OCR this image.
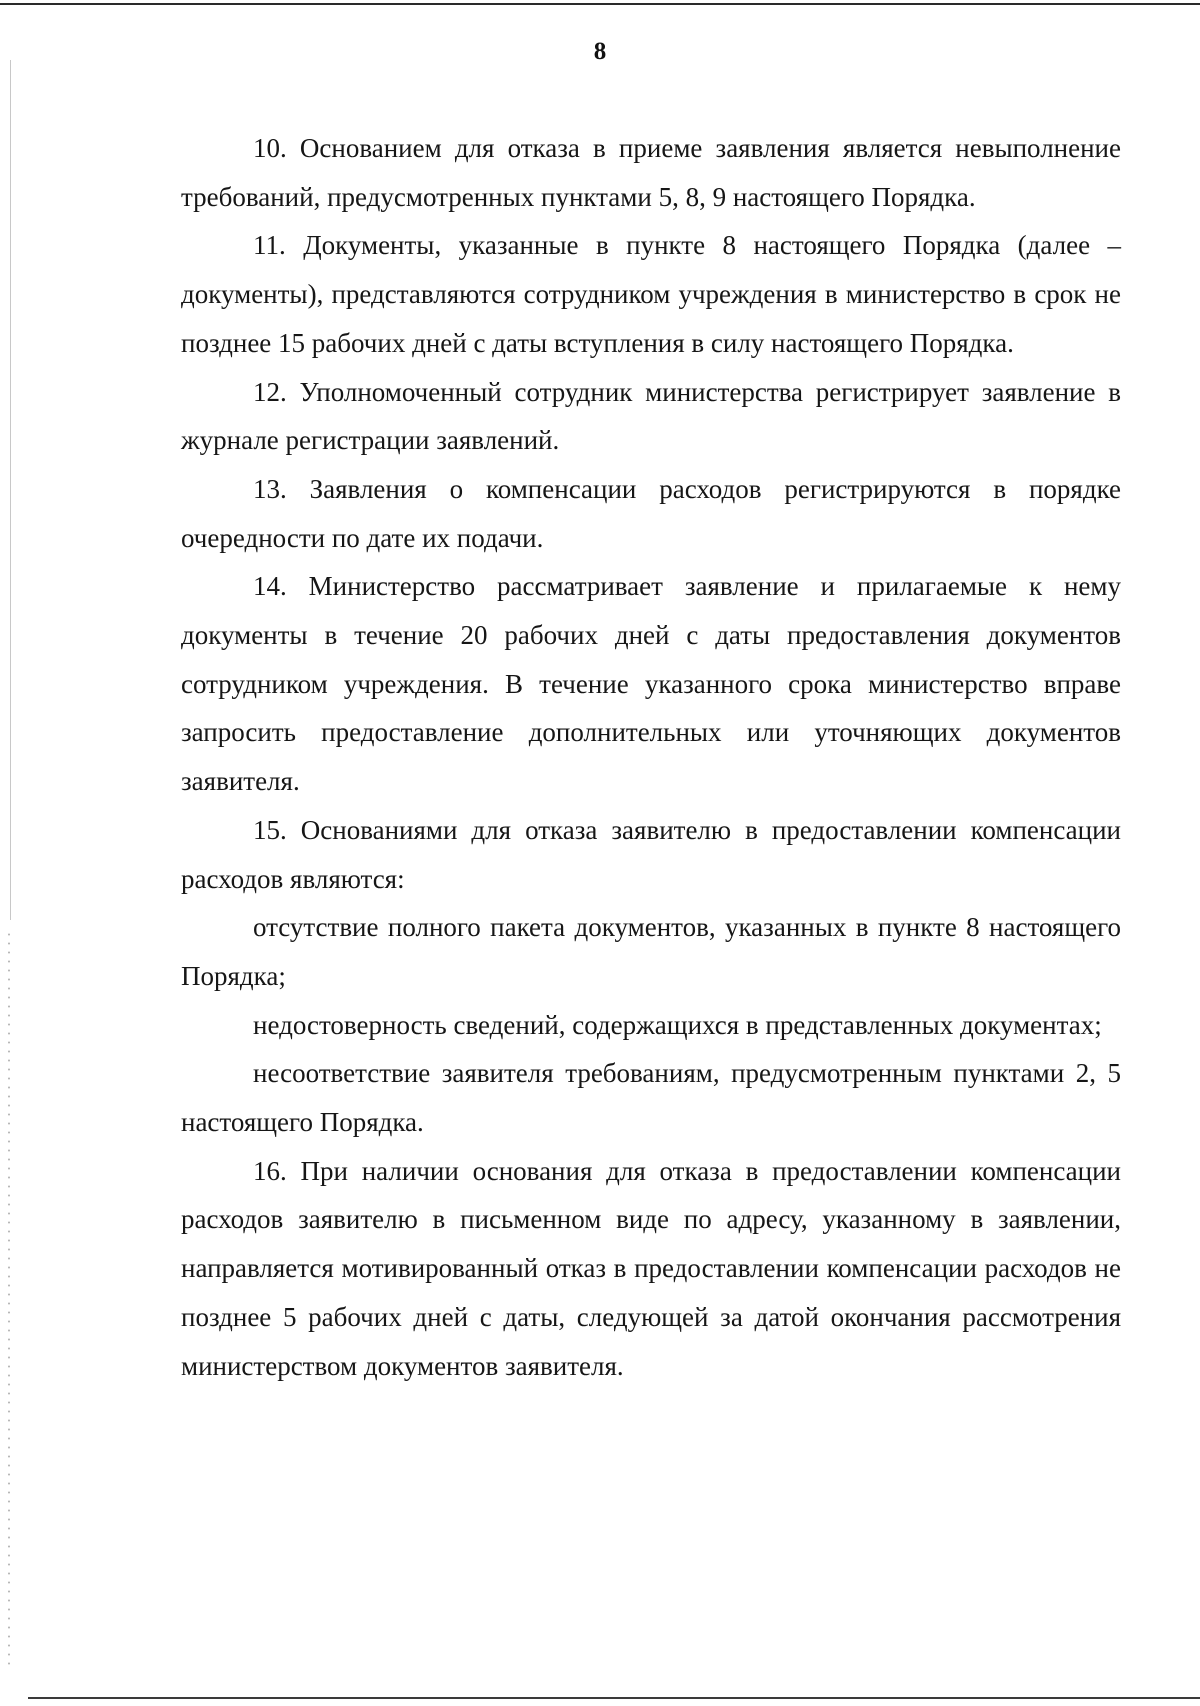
8

10. Основанием для отказа в приеме заявления является невыполнение требований, предусмотренных пунктами 5, 8, 9 настоящего Порядка.

11. Документы, указанные в пункте 8 настоящего Порядка (далее – документы), представляются сотрудником учреждения в министерство в срок не позднее 15 рабочих дней с даты вступления в силу настоящего Порядка.

12. Уполномоченный сотрудник министерства регистрирует заявление в журнале регистрации заявлений.

13. Заявления о компенсации расходов регистрируются в порядке очередности по дате их подачи.

14. Министерство рассматривает заявление и прилагаемые к нему документы в течение 20 рабочих дней с даты предоставления документов сотрудником учреждения. В течение указанного срока министерство вправе запросить предоставление дополнительных или уточняющих документов заявителя.

15. Основаниями для отказа заявителю в предоставлении компенсации расходов являются:

отсутствие полного пакета документов, указанных в пункте 8 настоящего Порядка;

недостоверность сведений, содержащихся в представленных документах;

несоответствие заявителя требованиям, предусмотренным пунктами 2, 5 настоящего Порядка.

16. При наличии основания для отказа в предоставлении компенсации расходов заявителю в письменном виде по адресу, указанному в заявлении, направляется мотивированный отказ в предоставлении компенсации расходов не позднее 5 рабочих дней с даты, следующей за датой окончания рассмотрения министерством документов заявителя.
